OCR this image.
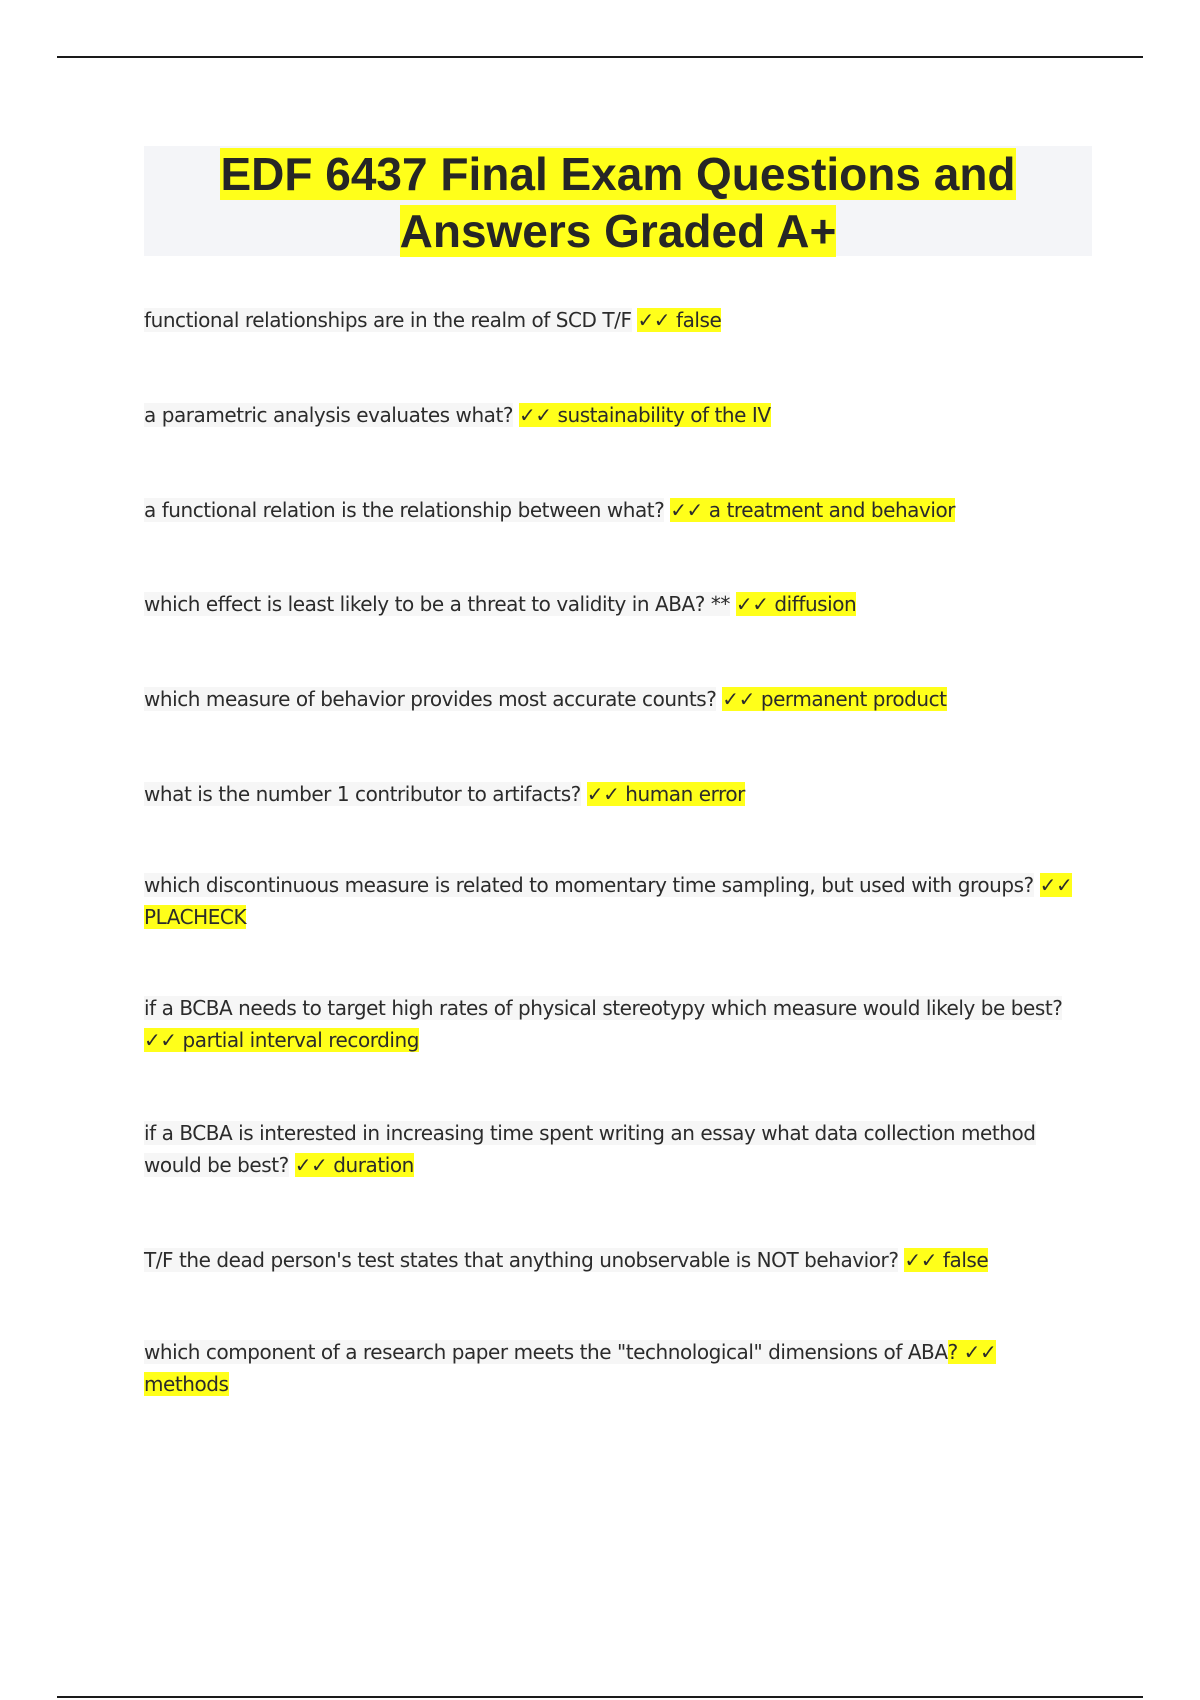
EDF 6437 Final Exam Questions and Answers Graded A+

functional relationships are in the realm of SCD T/F ✓✓ false

a parametric analysis evaluates what? ✓✓ sustainability of the IV

a functional relation is the relationship between what? ✓✓ a treatment and behavior

which effect is least likely to be a threat to validity in ABA? ** ✓✓ diffusion

which measure of behavior provides most accurate counts? ✓✓ permanent product

what is the number 1 contributor to artifacts? ✓✓ human error

which discontinuous measure is related to momentary time sampling, but used with groups? ✓✓ PLACHECK

if a BCBA needs to target high rates of physical stereotypy which measure would likely be best? ✓✓ partial interval recording

if a BCBA is interested in increasing time spent writing an essay what data collection method would be best? ✓✓ duration

T/F the dead person's test states that anything unobservable is NOT behavior? ✓✓ false

which component of a research paper meets the "technological" dimensions of ABA? ✓✓ methods
